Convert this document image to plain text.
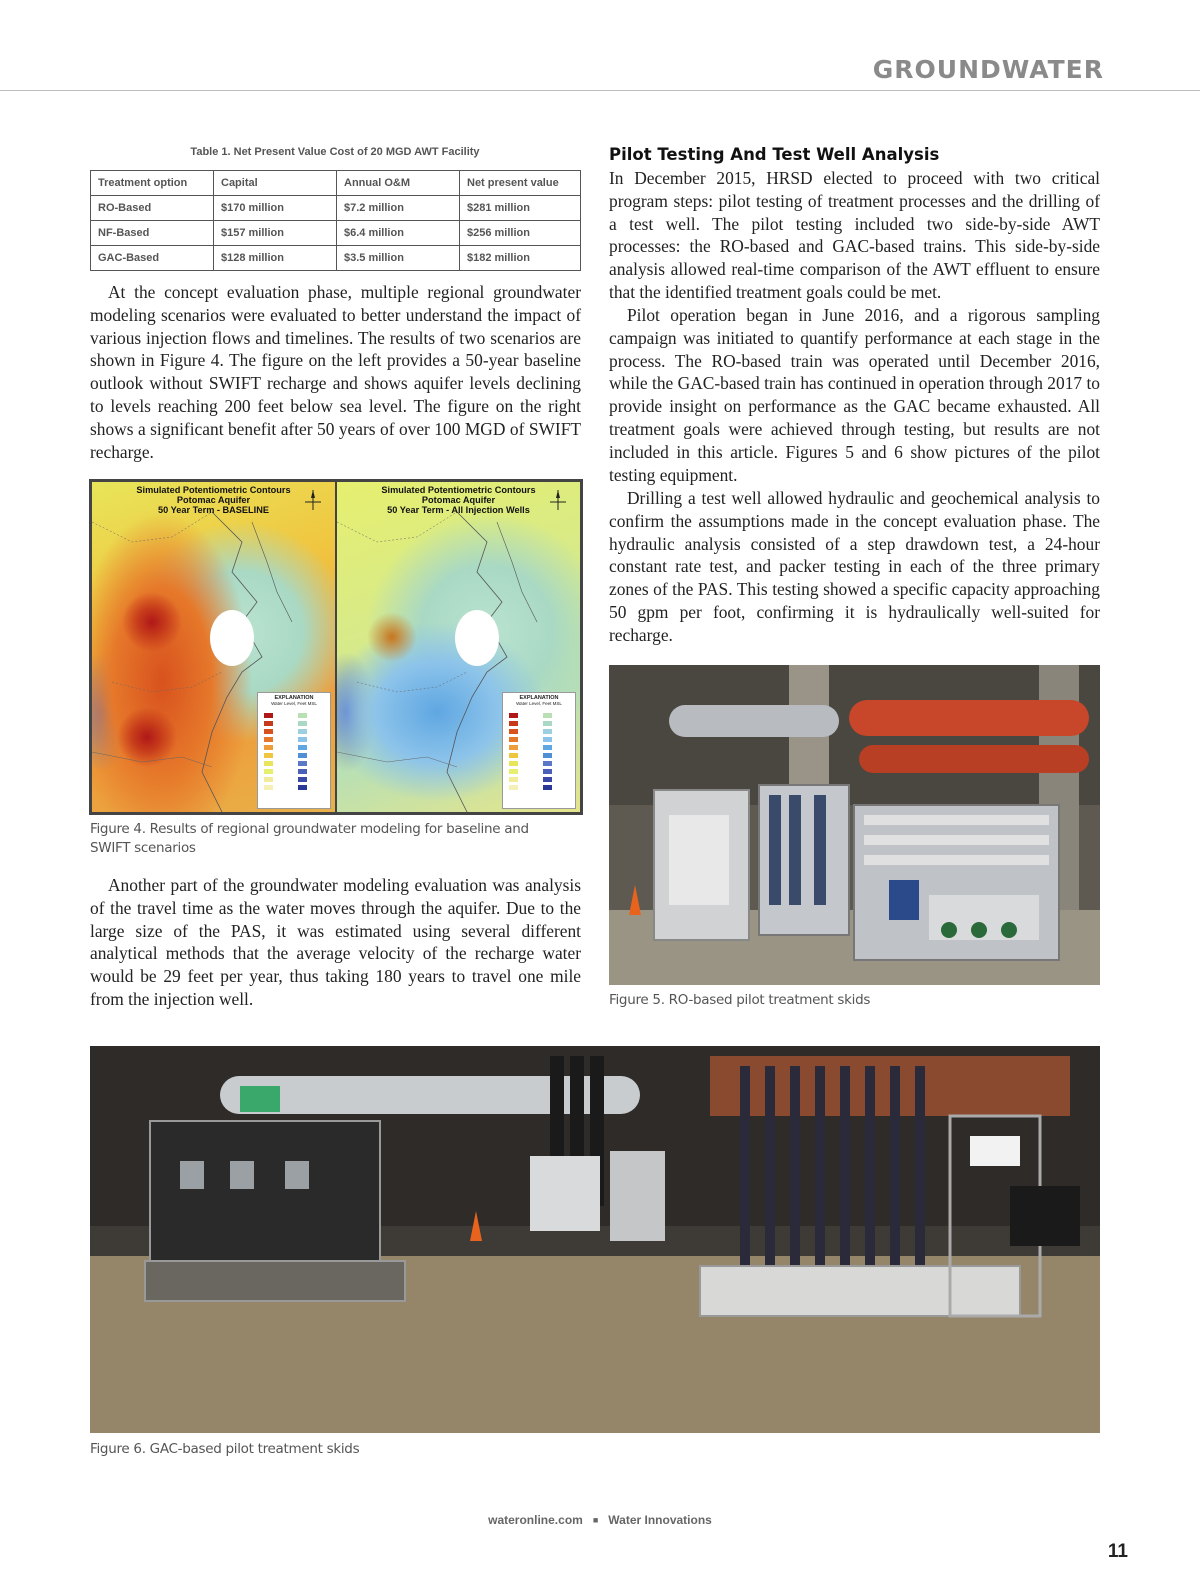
GROUNDWATER
Table 1. Net Present Value Cost of 20 MGD AWT Facility
Treatment option	Capital	Annual O&M	Net present value
RO-Based	$170 million	$7.2 million	$281 million
NF-Based	$157 million	$6.4 million	$256 million
GAC-Based	$128 million	$3.5 million	$182 million

At the concept evaluation phase, multiple regional groundwater modeling scenarios were evaluated to better understand the impact of various injection flows and timelines. The results of two scenarios are shown in Figure 4. The figure on the left provides a 50-year baseline outlook without SWIFT recharge and shows aquifer levels declining to levels reaching 200 feet below sea level. The figure on the right shows a significant benefit after 50 years of over 100 MGD of SWIFT recharge.

Simulated Potentiometric Contours
Potomac Aquifer
50 Year Term - BASELINE
EXPLANATION
Water Level, Feet MSL
Simulated Potentiometric Contours
Potomac Aquifer
50 Year Term - All Injection Wells
EXPLANATION
Water Level, Feet MSL
Figure 4. Results of regional groundwater modeling for baseline and SWIFT scenarios

Another part of the groundwater modeling evaluation was analysis of the travel time as the water moves through the aquifer. Due to the large size of the PAS, it was estimated using several different analytical methods that the average velocity of the recharge water would be 29 feet per year, thus taking 180 years to travel one mile from the injection well.

Pilot Testing And Test Well Analysis

In December 2015, HRSD elected to proceed with two critical program steps: pilot testing of treatment processes and the drilling of a test well. The pilot testing included two side-by-side AWT processes: the RO-based and GAC-based trains. This side-by-side analysis allowed real-time comparison of the AWT effluent to ensure that the identified treatment goals could be met.

Pilot operation began in June 2016, and a rigorous sampling campaign was initiated to quantify performance at each stage in the process. The RO-based train was operated until December 2016, while the GAC-based train has continued in operation through 2017 to provide insight on performance as the GAC became exhausted. All treatment goals were achieved through testing, but results are not included in this article. Figures 5 and 6 show pictures of the pilot testing equipment.

Drilling a test well allowed hydraulic and geochemical analysis to confirm the assumptions made in the concept evaluation phase. The hydraulic analysis consisted of a step drawdown test, a 24-hour constant rate test, and packer testing in each of the three primary zones of the PAS. This testing showed a specific capacity approaching 50 gpm per foot, confirming it is hydraulically well-suited for recharge.

Figure 5. RO-based pilot treatment skids
Figure 6. GAC-based pilot treatment skids
wateronline.com ■ Water Innovations
11
